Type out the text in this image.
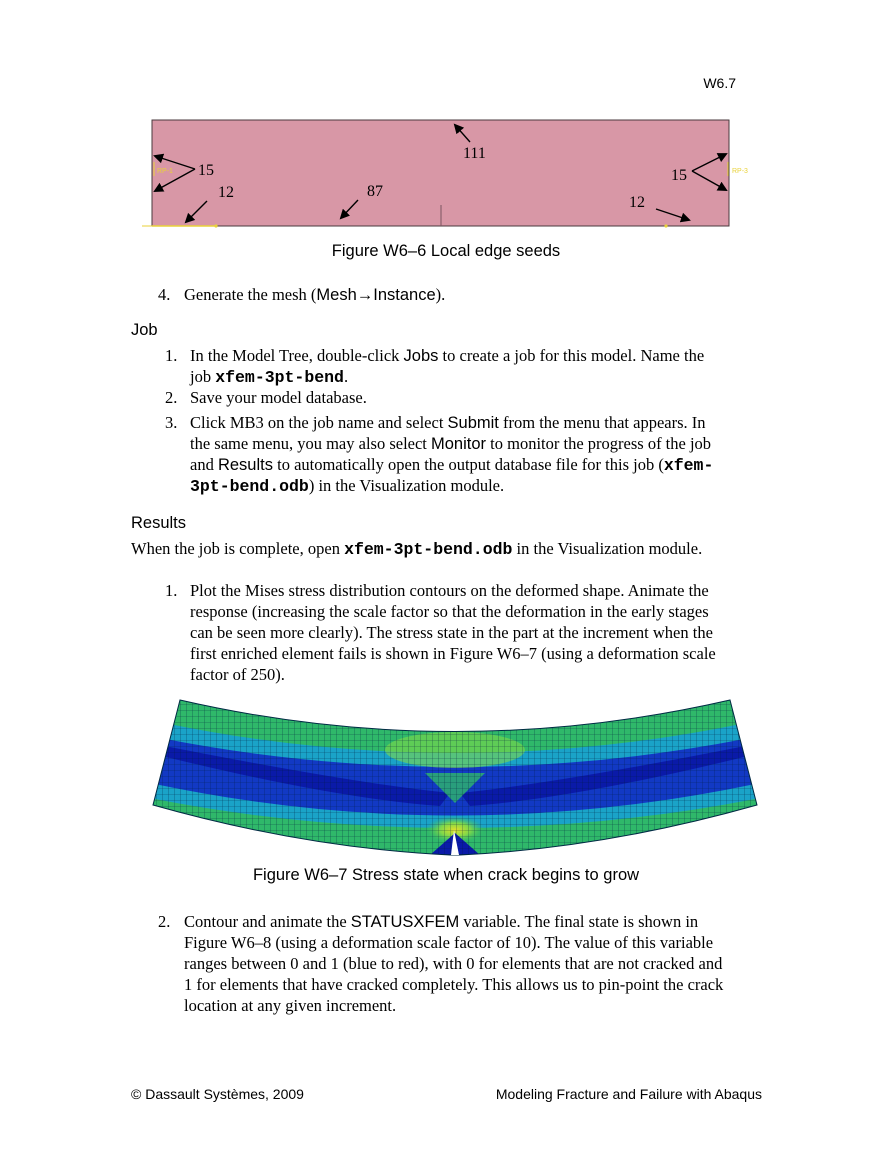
W6.7
RP-1	RP-3
111
15	15
12	87
12
Figure W6–6 Local edge seeds
4. Generate the mesh (Mesh→Instance).
Job
1. In the Model Tree, double-click Jobs to create a job for this model. Name the
job xfem-3pt-bend.
2. Save your model database.
3. Click MB3 on the job name and select Submit from the menu that appears. In
the same menu, you may also select Monitor to monitor the progress of the job
and Results to automatically open the output database file for this job (xfem-
3pt-bend.odb) in the Visualization module.
Results
When the job is complete, open xfem-3pt-bend.odb in the Visualization module.
1. Plot the Mises stress distribution contours on the deformed shape. Animate the
response (increasing the scale factor so that the deformation in the early stages
can be seen more clearly). The stress state in the part at the increment when the
first enriched element fails is shown in Figure W6–7 (using a deformation scale
factor of 250).
Figure W6–7 Stress state when crack begins to grow
2. Contour and animate the STATUSXFEM variable. The final state is shown in
Figure W6–8 (using a deformation scale factor of 10). The value of this variable
ranges between 0 and 1 (blue to red), with 0 for elements that are not cracked and
1 for elements that have cracked completely. This allows us to pin-point the crack
location at any given increment.
© Dassault Systèmes, 2009	Modeling Fracture and Failure with Abaqus
